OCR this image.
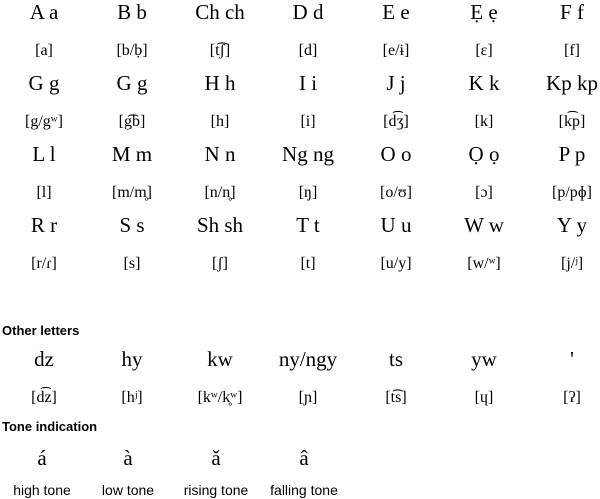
A a
[a]
B b
[b/ḅ]
Ch ch
[t͡ʃ]
D d
[d]
E e
[e/ɨ]
Ẹ ẹ
[ɛ]
F f
[f]
G g
[g/gʷ]
G g
[g͡b]
H h
[h]
I i
[i]
J j
[d͡ʒ]
K k
[k]
Kp kp
[k͡p]
L l
[l]
M m
[m/m̥]
N n
[n/n̥]
Ng ng
[ŋ]
O o
[o/ʊ]
Ọ ọ
[ɔ]
P p
[p/pɸ]
R r
[r/ɾ]
S s
[s]
Sh sh
[ʃ]
T t
[t]
U u
[u/y]
W w
[w/ʷ]
Y y
[j/ʲ]
Other letters
dz
[d͡z]
hy
[hʲ]
kw
[kʷ/k̥ʷ]
ny/ngy
[ɲ]
ts
[t͡s]
yw
[ɥ]
'
[ʔ]
Tone indication
á
high tone
à
low tone
ǎ
rising tone
â
falling tone
